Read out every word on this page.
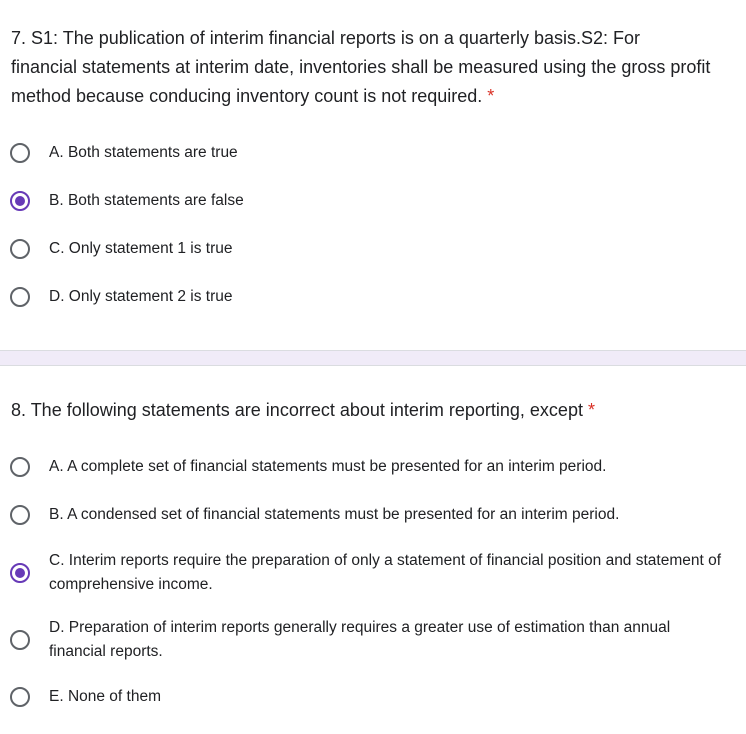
7. S1: The publication of interim financial reports is on a quarterly basis.S2: For financial statements at interim date, inventories shall be measured using the gross profit method because conducing inventory count is not required. *
A. Both statements are true
B. Both statements are false
C. Only statement 1 is true
D. Only statement 2 is true
8. The following statements are incorrect about interim reporting, except *
A. A complete set of financial statements must be presented for an interim period.
B. A condensed set of financial statements must be presented for an interim period.
C. Interim reports require the preparation of only a statement of financial position and statement of comprehensive income.
D. Preparation of interim reports generally requires a greater use of estimation than annual financial reports.
E. None of them
